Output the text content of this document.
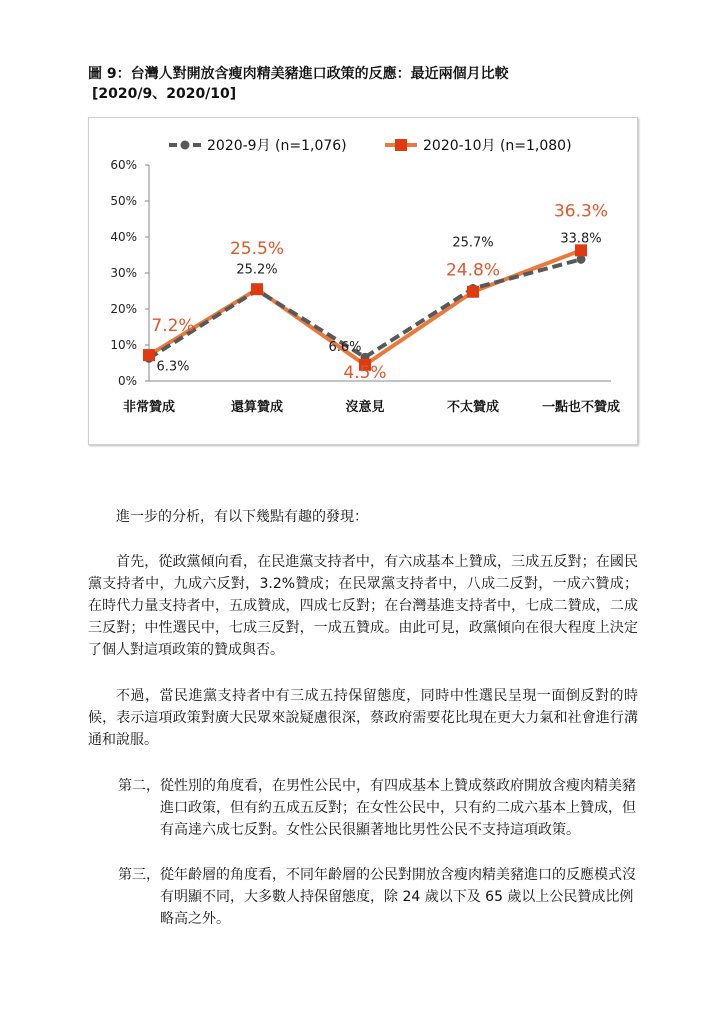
圖 9：台灣人對開放含瘦肉精美豬進口政策的反應：最近兩個月比較
[2020/9、2020/10]
0%
10%
20%
30%
40%
50%
60%
非常贊成	還算贊成	沒意見	不太贊成	一點也不贊成
6.3%
25.2%
6.6%
25.7%	33.8%
7.2%
25.5%
4.5%
24.8%
36.3%
2020-9月 (n=1,076)	2020-10月 (n=1,080)

進一步的分析，有以下幾點有趣的發現：

首先，從政黨傾向看，在民進黨支持者中，有六成基本上贊成，三成五反對；在國民黨支持者中，九成六反對，3.2%贊成；在民眾黨支持者中，八成二反對，一成六贊成；在時代力量支持者中，五成贊成，四成七反對；在台灣基進支持者中，七成二贊成，二成三反對；中性選民中，七成三反對，一成五贊成。由此可見，政黨傾向在很大程度上決定了個人對這項政策的贊成與否。

不過，當民進黨支持者中有三成五持保留態度，同時中性選民呈現一面倒反對的時候，表示這項政策對廣大民眾來說疑慮很深，蔡政府需要花比現在更大力氣和社會進行溝通和說服。

第二， 從性別的角度看，在男性公民中，有四成基本上贊成蔡政府開放含瘦肉精美豬進口政策，但有約五成五反對；在女性公民中，只有約二成六基本上贊成，但有高達六成七反對。女性公民很顯著地比男性公民不支持這項政策。
第三， 從年齡層的角度看，不同年齡層的公民對開放含瘦肉精美豬進口的反應模式沒有明顯不同，大多數人持保留態度，除 24 歲以下及 65 歲以上公民贊成比例略高之外。
